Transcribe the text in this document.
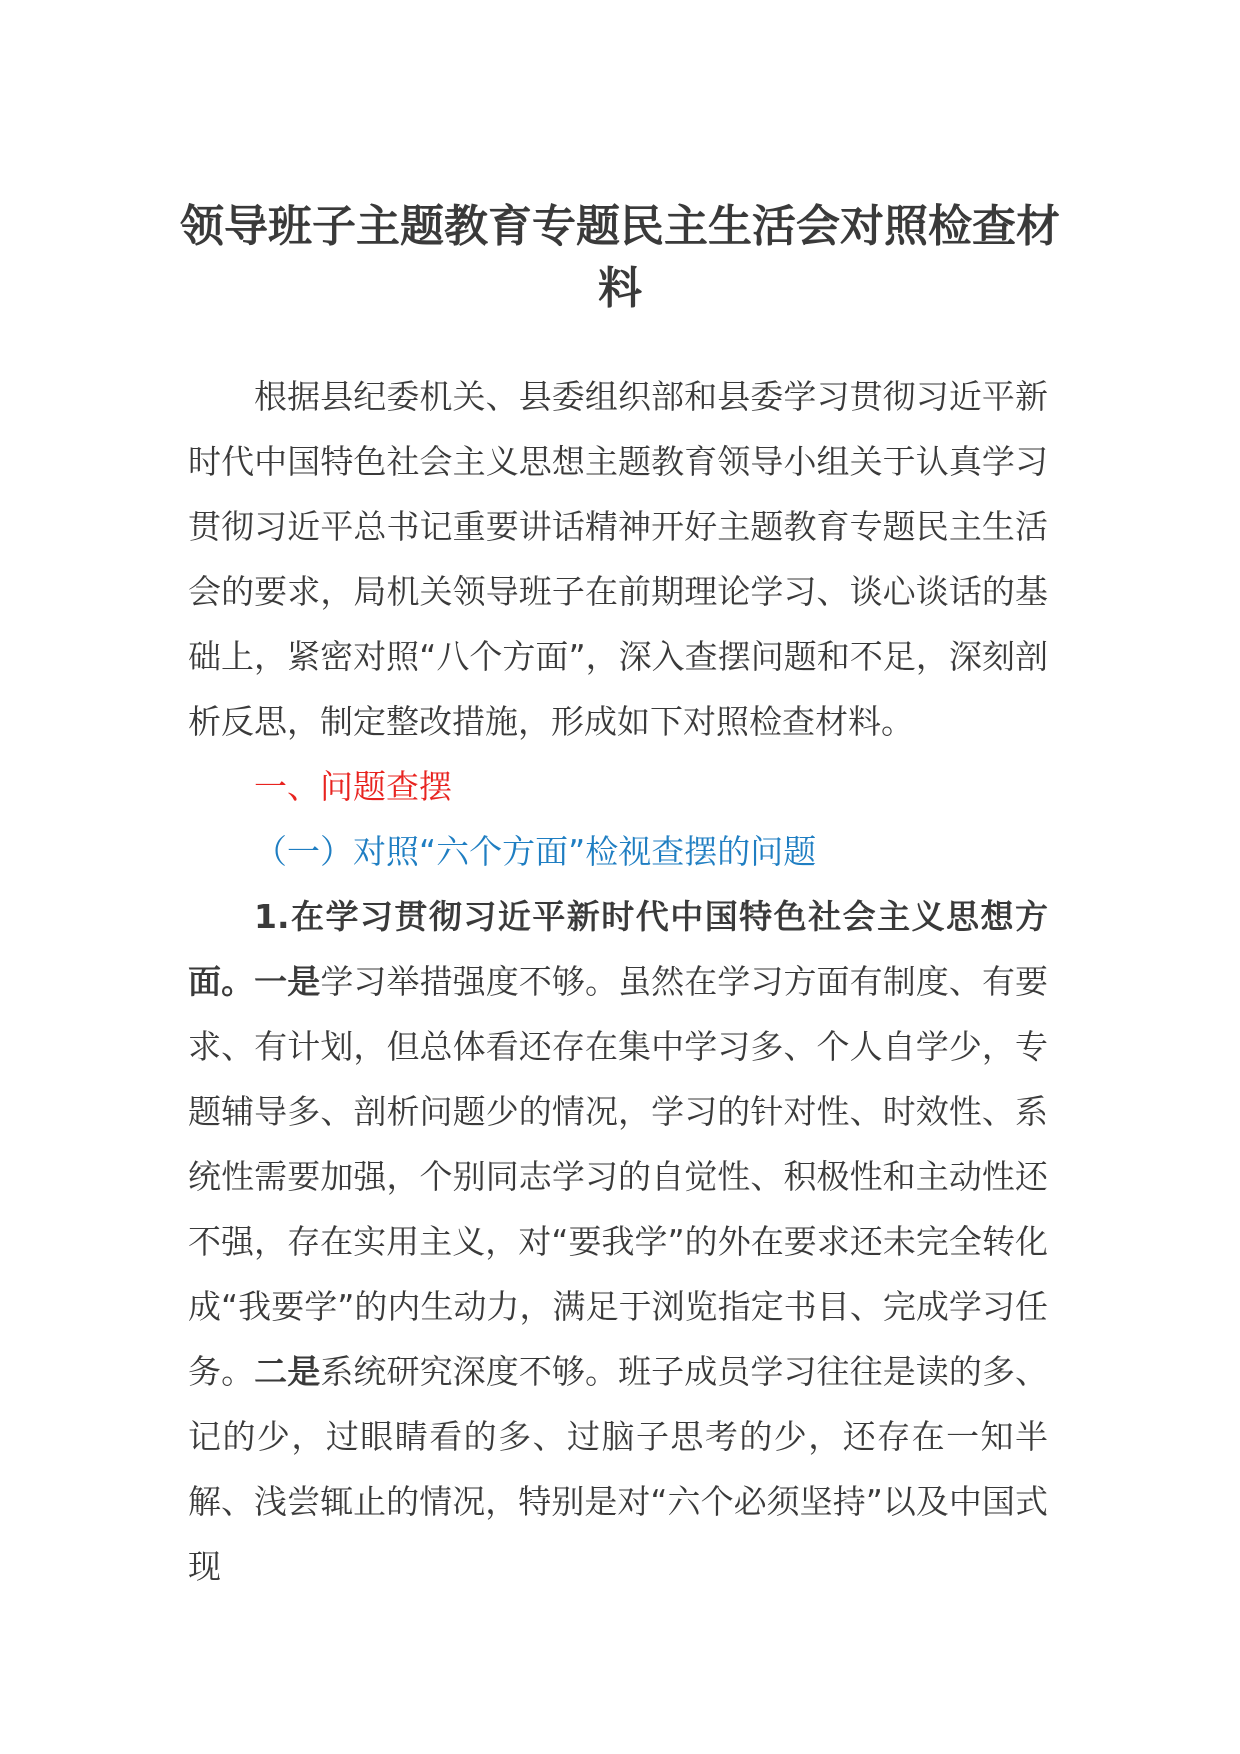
领导班子主题教育专题民主生活会对照检查材料

根据县纪委机关、县委组织部和县委学习贯彻习近平新时代中国特色社会主义思想主题教育领导小组关于认真学习贯彻习近平总书记重要讲话精神开好主题教育专题民主生活会的要求，局机关领导班子在前期理论学习、谈心谈话的基础上，紧密对照“八个方面”，深入查摆问题和不足，深刻剖析反思，制定整改措施，形成如下对照检查材料。

一、问题查摆

（一）对照“六个方面”检视查摆的问题

1.在学习贯彻习近平新时代中国特色社会主义思想方面。一是学习举措强度不够。虽然在学习方面有制度、有要求、有计划，但总体看还存在集中学习多、个人自学少，专题辅导多、剖析问题少的情况，学习的针对性、时效性、系统性需要加强，个别同志学习的自觉性、积极性和主动性还不强，存在实用主义，对“要我学”的外在要求还未完全转化成“我要学”的内生动力，满足于浏览指定书目、完成学习任务。二是系统研究深度不够。班子成员学习往往是读的多、记的少，过眼睛看的多、过脑子思考的少，还存在一知半解、浅尝辄止的情况，特别是对“六个必须坚持”以及中国式现
